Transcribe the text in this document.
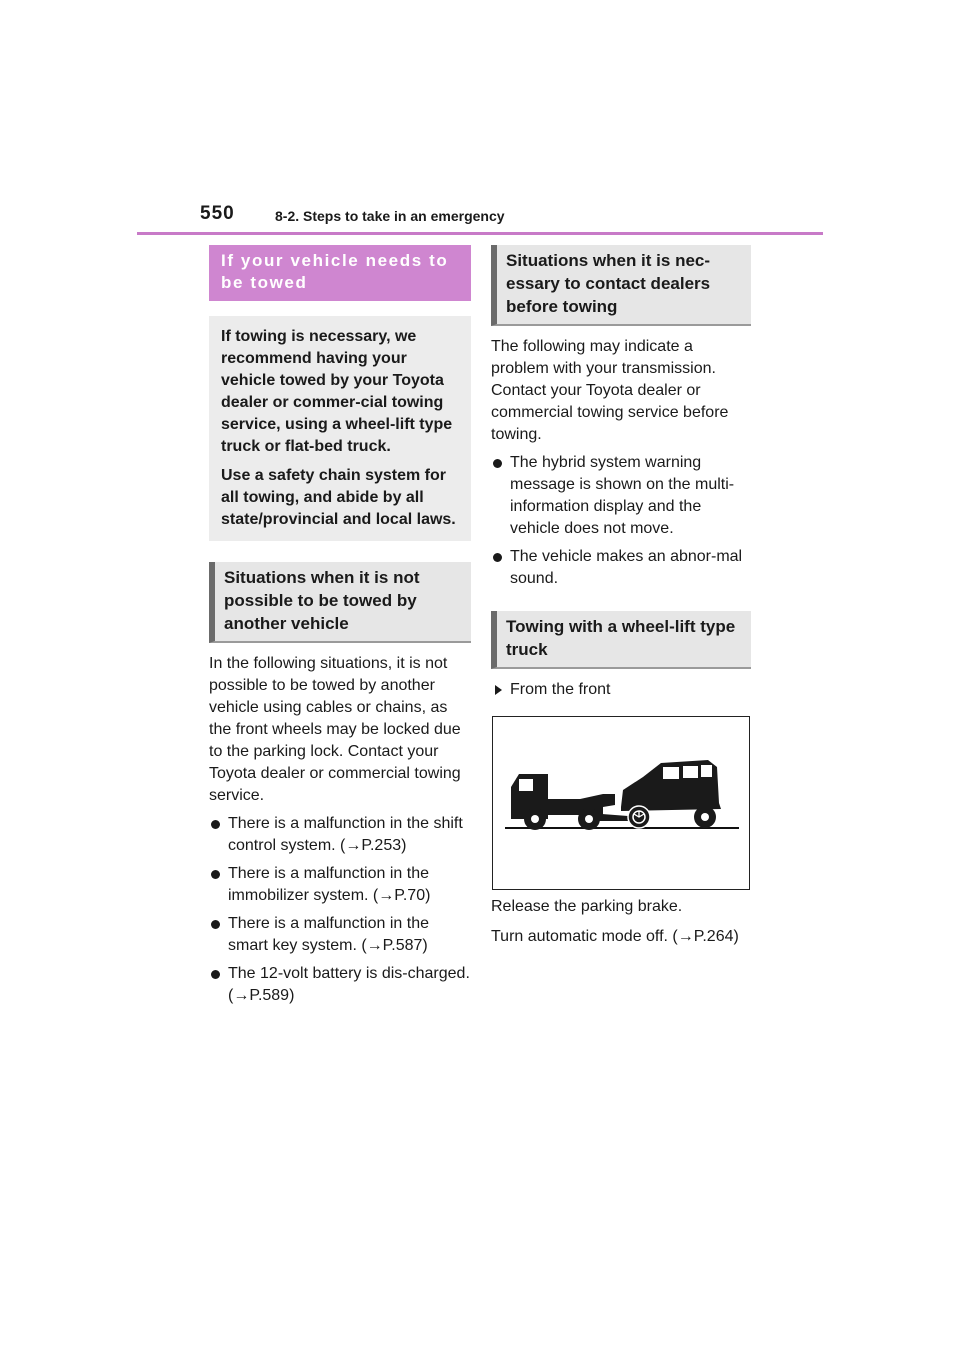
550	8-2. Steps to take in an emergency
If your vehicle needs to be towed

If towing is necessary, we recommend having your vehicle towed by your Toyota dealer or commer-cial towing service, using a wheel-lift type truck or flat-bed truck.

Use a safety chain system for all towing, and abide by all state/provincial and local laws.

Situations when it is not possible to be towed by another vehicle

In the following situations, it is not possible to be towed by another vehicle using cables or chains, as the front wheels may be locked due to the parking lock. Contact your Toyota dealer or commercial towing service.

There is a malfunction in the shift control system. (→P.253)
There is a malfunction in the immobilizer system. (→P.70)
There is a malfunction in the smart key system. (→P.587)
The 12-volt battery is dis-charged. (→P.589)
Situations when it is nec-essary to contact dealers before towing

The following may indicate a problem with your transmission. Contact your Toyota dealer or commercial towing service before towing.

The hybrid system warning message is shown on the multi-information display and the vehicle does not move.
The vehicle makes an abnor-mal sound.
Towing with a wheel-lift type truck
From the front

Release the parking brake.

Turn automatic mode off. (→P.264)
